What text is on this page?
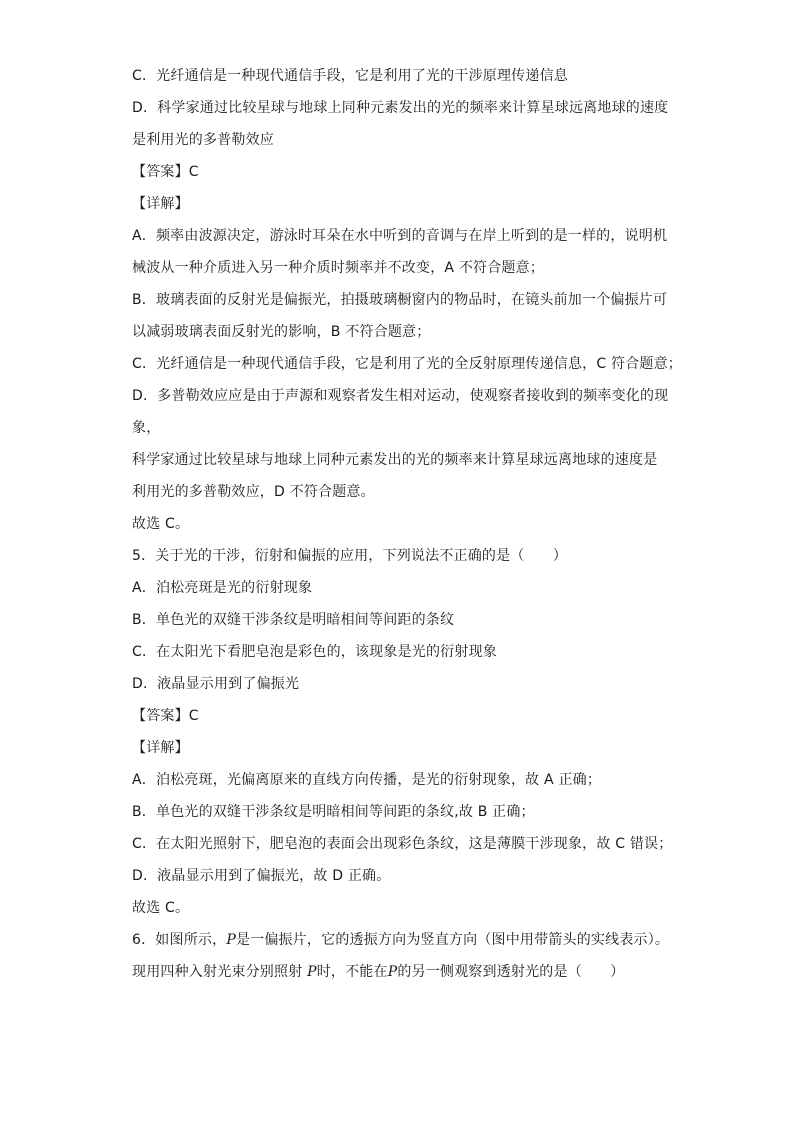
C．光纤通信是一种现代通信手段，它是利用了光的干涉原理传递信息
D．科学家通过比较星球与地球上同种元素发出的光的频率来计算星球远离地球的速度
是利用光的多普勒效应
【答案】C
【详解】
A．频率由波源决定，游泳时耳朵在水中听到的音调与在岸上听到的是一样的，说明机
械波从一种介质进入另一种介质时频率并不改变，A 不符合题意；
B．玻璃表面的反射光是偏振光，拍摄玻璃橱窗内的物品时，在镜头前加一个偏振片可
以减弱玻璃表面反射光的影响，B 不符合题意；
C．光纤通信是一种现代通信手段，它是利用了光的全反射原理传递信息，C 符合题意；
D．多普勒效应应是由于声源和观察者发生相对运动，使观察者接收到的频率变化的现
象，
科学家通过比较星球与地球上同种元素发出的光的频率来计算星球远离地球的速度是
利用光的多普勒效应，D 不符合题意。
故选 C。
5．关于光的干涉，衍射和偏振的应用，下列说法不正确的是（　　）
A．泊松亮斑是光的衍射现象
B．单色光的双缝干涉条纹是明暗相间等间距的条纹
C．在太阳光下看肥皂泡是彩色的，该现象是光的衍射现象
D．液晶显示用到了偏振光
【答案】C
【详解】
A．泊松亮斑，光偏离原来的直线方向传播，是光的衍射现象，故 A 正确；
B．单色光的双缝干涉条纹是明暗相间等间距的条纹,故 B 正确；
C．在太阳光照射下，肥皂泡的表面会出现彩色条纹，这是薄膜干涉现象，故 C 错误；
D．液晶显示用到了偏振光，故 D 正确。
故选 C。
6．如图所示，P是一偏振片，它的透振方向为竖直方向（图中用带箭头的实线表示）。
现用四种入射光束分别照射 P时，不能在P的另一侧观察到透射光的是（　　）
